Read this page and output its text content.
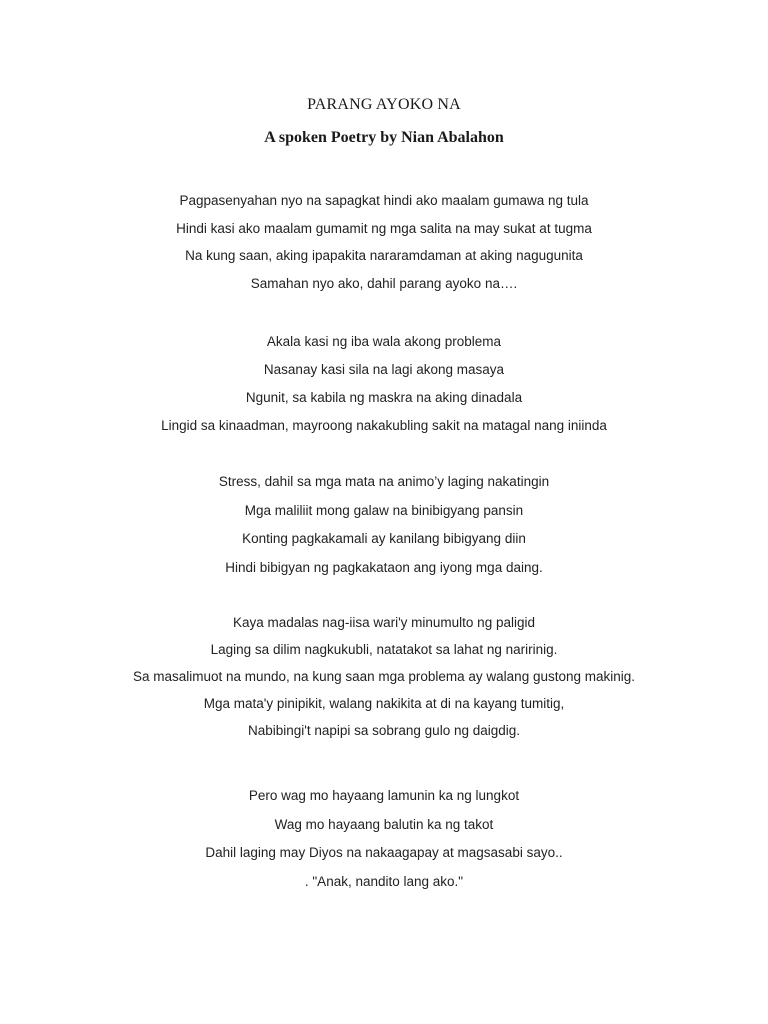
PARANG AYOKO NA
A spoken Poetry by Nian Abalahon
Pagpasenyahan nyo na sapagkat hindi ako maalam gumawa ng tula
Hindi kasi ako maalam gumamit ng mga salita na may sukat at tugma
Na kung saan, aking ipapakita nararamdaman at aking nagugunita
Samahan nyo ako, dahil parang ayoko na….
Akala kasi ng iba wala akong problema
Nasanay kasi sila na lagi akong masaya
Ngunit, sa kabila ng maskra na aking dinadala
Lingid sa kinaadman, mayroong nakakubling sakit na matagal nang iniinda
Stress, dahil sa mga mata na animo’y laging nakatingin
Mga maliliit mong galaw na binibigyang pansin
Konting pagkakamali ay kanilang bibigyang diin
Hindi bibigyan ng pagkakataon ang iyong mga daing.
Kaya madalas nag-iisa wari'y minumulto ng paligid
Laging sa dilim nagkukubli, natatakot sa lahat ng naririnig.
Sa masalimuot na mundo, na kung saan mga problema ay walang gustong makinig.
Mga mata'y pinipikit, walang nakikita at di na kayang tumitig,
Nabibingi't napipi sa sobrang gulo ng daigdig.
Pero wag mo hayaang lamunin ka ng lungkot
Wag mo hayaang balutin ka ng takot
Dahil laging may Diyos na nakaagapay at magsasabi sayo..
. "Anak, nandito lang ako."
